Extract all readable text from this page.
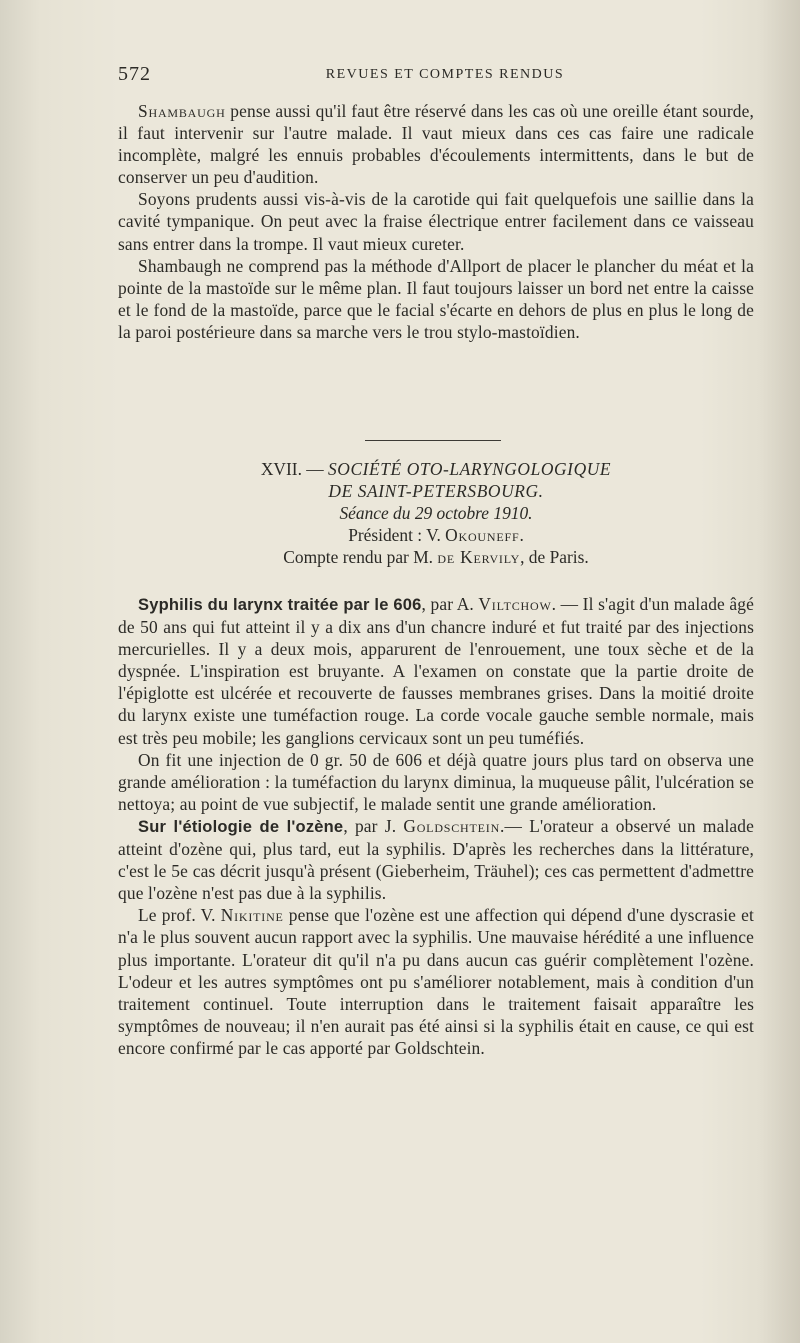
572	REVUES ET COMPTES RENDUS

Shambaugh pense aussi qu'il faut être réservé dans les cas où une oreille étant sourde, il faut intervenir sur l'autre malade. Il vaut mieux dans ces cas faire une radicale incomplète, malgré les ennuis probables d'écoulements intermittents, dans le but de conserver un peu d'audition.

Soyons prudents aussi vis-à-vis de la carotide qui fait quelquefois une saillie dans la cavité tympanique. On peut avec la fraise électrique entrer facilement dans ce vaisseau sans entrer dans la trompe. Il vaut mieux cureter.

Shambaugh ne comprend pas la méthode d'Allport de placer le plancher du méat et la pointe de la mastoïde sur le même plan. Il faut toujours laisser un bord net entre la caisse et le fond de la mastoïde, parce que le facial s'écarte en dehors de plus en plus le long de la paroi postérieure dans sa marche vers le trou stylo-mastoïdien.

XVII. — SOCIÉTÉ OTO-LARYNGOLOGIQUE
DE SAINT-PETERSBOURG.
Séance du 29 octobre 1910.
Président : V. Okouneff.
Compte rendu par M. de Kervily, de Paris.

Syphilis du larynx traitée par le 606, par A. Viltchow. — Il s'agit d'un malade âgé de 50 ans qui fut atteint il y a dix ans d'un chancre induré et fut traité par des injections mercurielles. Il y a deux mois, apparurent de l'enrouement, une toux sèche et de la dyspnée. L'inspiration est bruyante. A l'examen on constate que la partie droite de l'épiglotte est ulcérée et recouverte de fausses membranes grises. Dans la moitié droite du larynx existe une tuméfaction rouge. La corde vocale gauche semble normale, mais est très peu mobile; les ganglions cervicaux sont un peu tuméfiés.

On fit une injection de 0 gr. 50 de 606 et déjà quatre jours plus tard on observa une grande amélioration : la tuméfaction du larynx diminua, la muqueuse pâlit, l'ulcération se nettoya; au point de vue subjectif, le malade sentit une grande amélioration.

Sur l'étiologie de l'ozène, par J. Goldschtein.— L'orateur a observé un malade atteint d'ozène qui, plus tard, eut la syphilis. D'après les recherches dans la littérature, c'est le 5e cas décrit jusqu'à présent (Gieberheim, Träuhel); ces cas permettent d'admettre que l'ozène n'est pas due à la syphilis.

Le prof. V. Nikitine pense que l'ozène est une affection qui dépend d'une dyscrasie et n'a le plus souvent aucun rapport avec la syphilis. Une mauvaise hérédité a une influence plus importante. L'orateur dit qu'il n'a pu dans aucun cas guérir complètement l'ozène. L'odeur et les autres symptômes ont pu s'améliorer notablement, mais à condition d'un traitement continuel. Toute interruption dans le traitement faisait apparaître les symptômes de nouveau; il n'en aurait pas été ainsi si la syphilis était en cause, ce qui est encore confirmé par le cas apporté par Goldschtein.
